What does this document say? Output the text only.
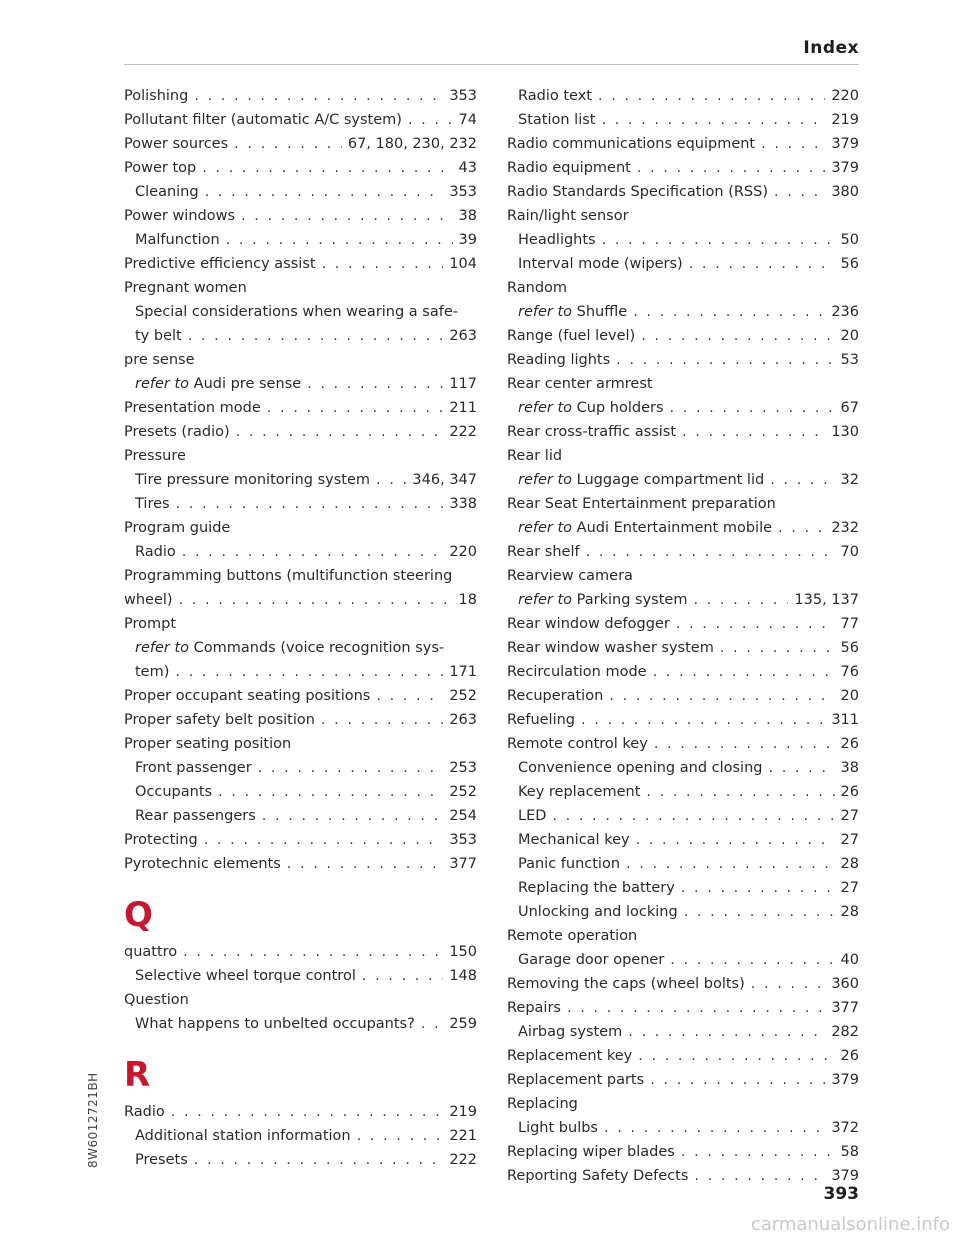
Index
Polishing . . .	353
Pollutant filter (automatic A/C system) . . .	74
Power sources . . .	67, 180, 230, 232
Power top . . .	43
Cleaning . . .	353
Power windows . . .	38
Malfunction . . .	39
Predictive efficiency assist . . .	104
Pregnant women
Special considerations when wearing a safe-
ty belt . . .	263
pre sense
refer to Audi pre sense . . .	117
Presentation mode . . .	211
Presets (radio) . . .	222
Pressure
Tire pressure monitoring system . . .	346, 347
Tires . . .	338
Program guide
Radio . . .	220
Programming buttons (multifunction steering
wheel) . . .	18
Prompt
refer to Commands (voice recognition sys-
tem) . . .	171
Proper occupant seating positions . . .	252
Proper safety belt position . . .	263
Proper seating position
Front passenger . . .	253
Occupants . . .	252
Rear passengers . . .	254
Protecting . . .	353
Pyrotechnic elements . . .	377
Q
quattro . . .	150
Selective wheel torque control . . .	148
Question
What happens to unbelted occupants? . . . 259
R
Radio . . .	219
Additional station information . . .	221
Presets . . .	222
Radio text . . .	220
Station list . . .	219
Radio communications equipment . . .	379
Radio equipment . . .	379
Radio Standards Specification (RSS) . . .	380
Rain/light sensor
Headlights . . .	50
Interval mode (wipers) . . .	56
Random
refer to Shuffle . . .	236
Range (fuel level) . . .	20
Reading lights . . .	53
Rear center armrest
refer to Cup holders . . .	67
Rear cross-traffic assist . . .	130
Rear lid
refer to Luggage compartment lid . . .	32
Rear Seat Entertainment preparation
refer to Audi Entertainment mobile . . .	232
Rear shelf . . .	70
Rearview camera
refer to Parking system . . .	135, 137
Rear window defogger . . .	77
Rear window washer system . . .	56
Recirculation mode . . .	76
Recuperation . . .	20
Refueling . . .	311
Remote control key . . .	26
Convenience opening and closing . . .	38
Key replacement . . .	26
LED . . .	27
Mechanical key . . .	27
Panic function . . .	28
Replacing the battery . . .	27
Unlocking and locking . . .	28
Remote operation
Garage door opener . . .	40
Removing the caps (wheel bolts) . . .	360
Repairs . . .	377
Airbag system . . .	282
Replacement key . . .	26
Replacement parts . . .	379
Replacing
Light bulbs . . .	372
Replacing wiper blades . . .	58
Reporting Safety Defects . . .	379
8W6012721BH
393
carmanualsonline.info
